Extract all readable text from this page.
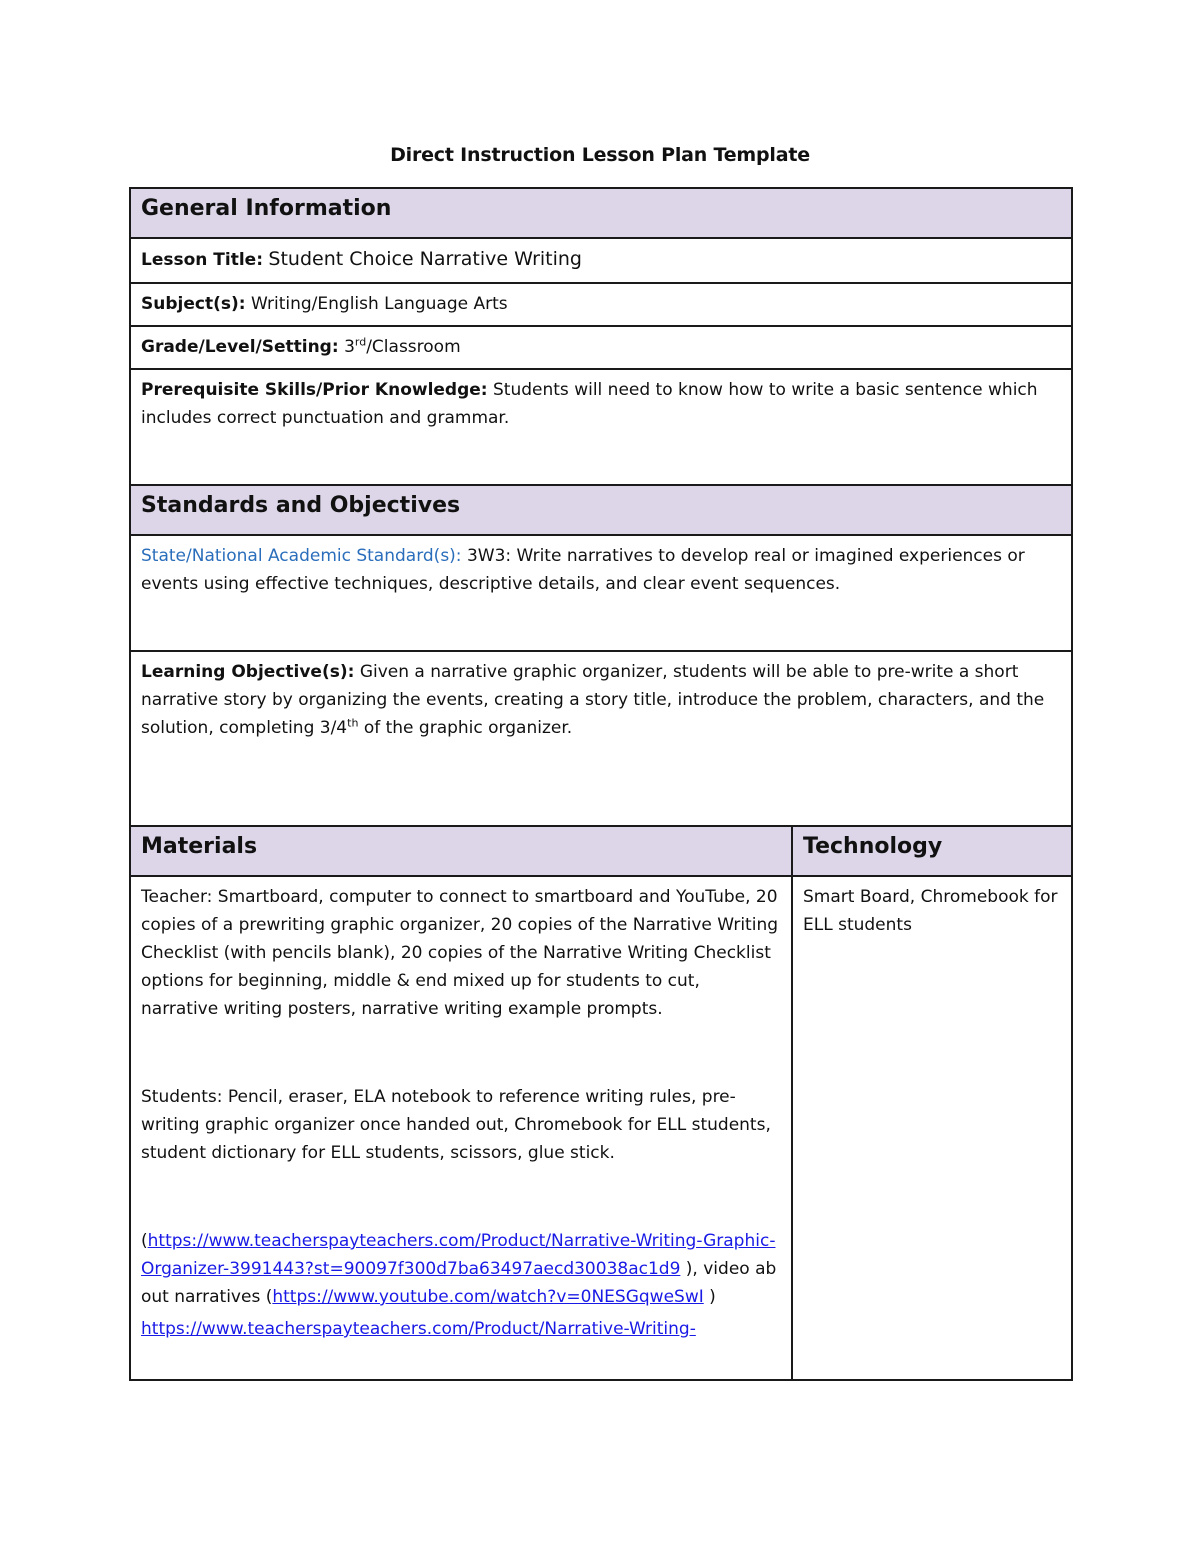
Direct Instruction Lesson Plan Template
General Information	
Lesson Title: Student Choice Narrative Writing	
Subject(s): Writing/English Language Arts	
Grade/Level/Setting: 3rd/Classroom	
Prerequisite Skills/Prior Knowledge: Students will need to know how to write a basic sentence which includes correct punctuation and grammar.	
Standards and Objectives	
State/National Academic Standard(s): 3W3: Write narratives to develop real or imagined experiences or events using effective techniques, descriptive details, and clear event sequences.	
Learning Objective(s): Given a narrative graphic organizer, students will be able to pre-write a short narrative story by organizing the events, creating a story title, introduce the problem, characters, and the solution, completing 3/4th of the graphic organizer.	
Materials	Technology

Teacher: Smartboard, computer to connect to smartboard and YouTube, 20 copies of a prewriting graphic organizer, 20 copies of the Narrative Writing Checklist (with pencils blank), 20 copies of the Narrative Writing Checklist options for beginning, middle & end mixed up for students to cut, narrative writing posters, narrative writing example prompts.
Students: Pencil, eraser, ELA notebook to reference writing rules, pre-writing graphic organizer once handed out, Chromebook for ELL students, student dictionary for ELL students, scissors, glue stick.
(https://www.teacherspayteachers.com/Product/Narrative-Writing-Graphic-Organizer-3991443?st=90097f300d7ba63497aecd30038ac1d9 ), video about narratives (https://www.youtube.com/watch?v=0NESGqweSwI )
https://www.teacherspayteachers.com/Product/Narrative-Writing-	Smart Board, Chromebook for ELL students
